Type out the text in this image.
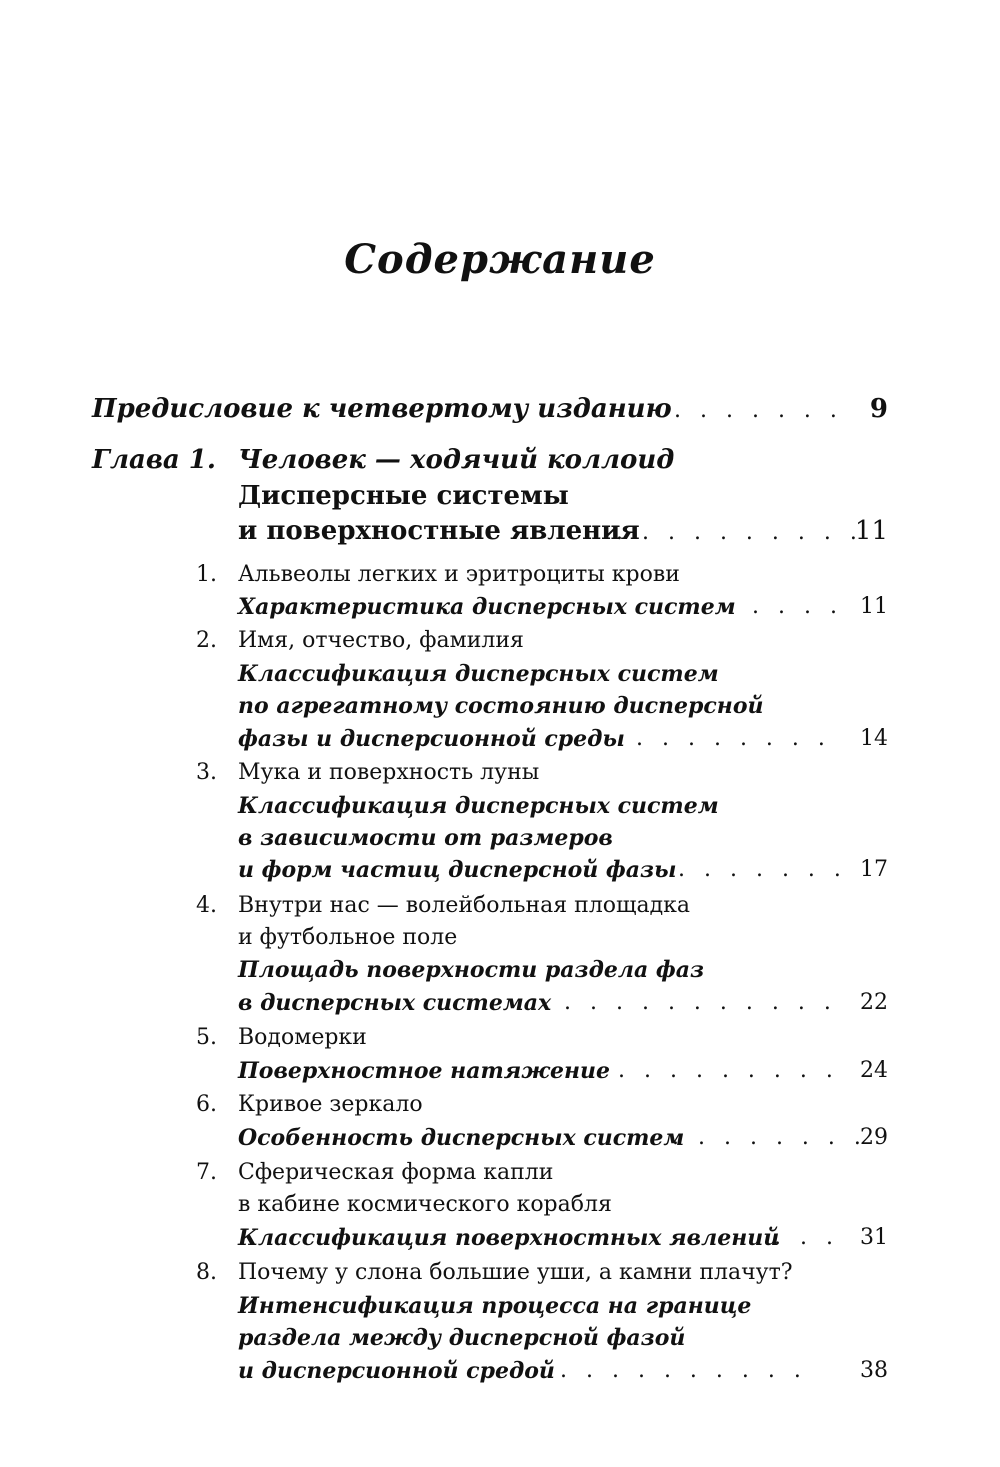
Содержание
Предисловие к четвертому изданию . . . . . . . 9
Глава 1. Человек — ходячий коллоид
Дисперсные системы
и поверхностные явления
. . . . . . . . . .
11
1. Альвеолы легких и эритроциты крови
Характеристика дисперсных систем . . . . 11
2. Имя, отчество, фамилия
Классификация дисперсных систем
по агрегатному состоянию дисперсной
фазы и дисперсионной среды . . . . . . . . 14
3. Мука и поверхность луны
Классификация дисперсных систем
в зависимости от размеров
и форм частиц дисперсной фазы . . . . . . . 17
4. Внутри нас — волейбольная площадка
и футбольное поле
Площадь поверхности раздела фаз
в дисперсных системах . . . . . . . . . . . 22
5. Водомерки
Поверхностное натяжение . . . . . . . . . 24
6. Кривое зеркало
Особенность дисперсных систем
. . . . . . . .
29
7. Сферическая форма капли
в кабине космического корабля
Классификация поверхностных явлений
. . . 31
8. Почему у слона большие уши, а камни плачут?
Интенсификация процесса на границе
раздела между дисперсной фазой
и дисперсионной средой . . . . . . . . . .	38
